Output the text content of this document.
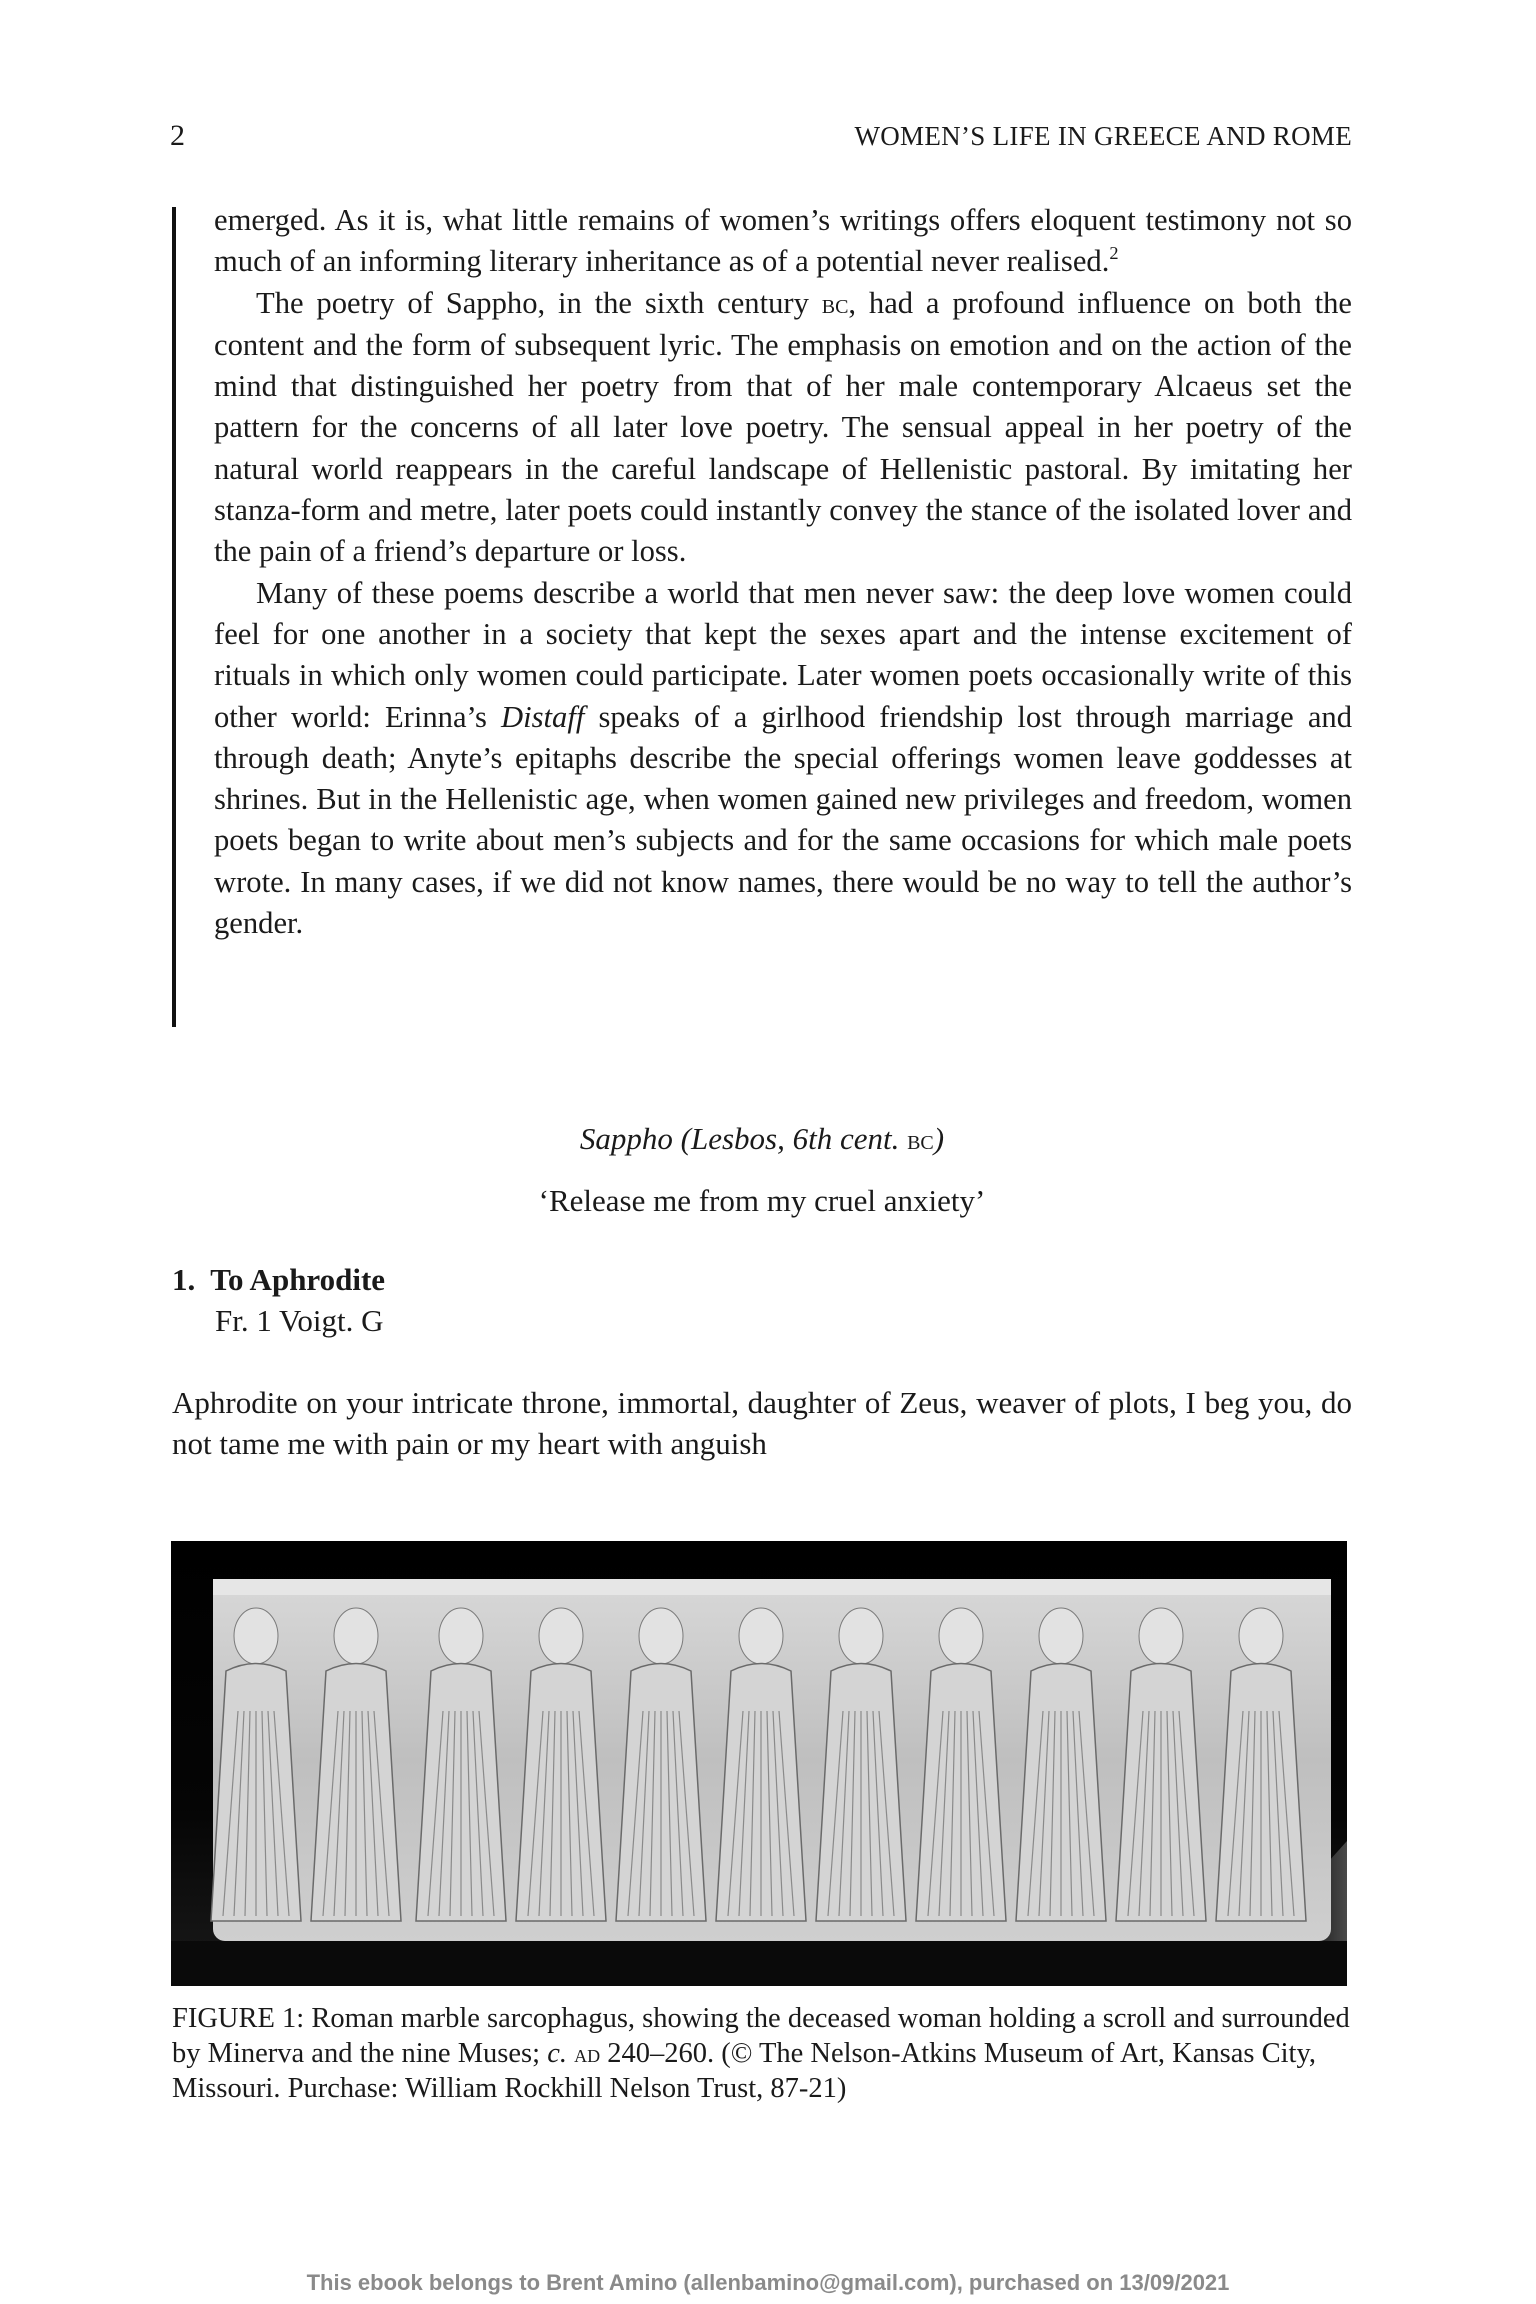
2	WOMEN’S LIFE IN GREECE AND ROME

emerged. As it is, what little remains of women’s writings offers eloquent testimony not so much of an informing literary inheritance as of a potential never realised.$^2$

The poetry of Sappho, in the sixth century bc, had a profound influence on both the content and the form of subsequent lyric. The emphasis on emotion and on the action of the mind that distinguished her poetry from that of her male contemporary Alcaeus set the pattern for the concerns of all later love poetry. The sensual appeal in her poetry of the natural world reappears in the careful landscape of Hellenistic pastoral. By imitating her stanza-form and metre, later poets could instantly convey the stance of the isolated lover and the pain of a friend’s departure or loss.

Many of these poems describe a world that men never saw: the deep love women could feel for one another in a society that kept the sexes apart and the intense excitement of rituals in which only women could participate. Later women poets occasionally write of this other world: Erinna’s Distaff speaks of a girlhood friendship lost through marriage and through death; Anyte’s epitaphs describe the special offerings women leave goddesses at shrines. But in the Hellenistic age, when women gained new privileges and freedom, women poets began to write about men’s subjects and for the same occasions for which male poets wrote. In many cases, if we did not know names, there would be no way to tell the author’s gender.

Sappho (Lesbos, 6th cent. bc)
‘Release me from my cruel anxiety’
1.  To Aphrodite
Fr. 1 Voigt. G
Aphrodite on your intricate throne, immortal, daughter of Zeus, weaver of plots, I beg you, do not tame me with pain or my heart with anguish
FIGURE 1: Roman marble sarcophagus, showing the deceased woman holding a scroll and surrounded by Minerva and the nine Muses; c. ad 240–260. (© The Nelson-Atkins Museum of Art, Kansas City, Missouri. Purchase: William Rockhill Nelson Trust, 87-21)
This ebook belongs to Brent Amino (allenbamino@gmail.com), purchased on 13/09/2021
